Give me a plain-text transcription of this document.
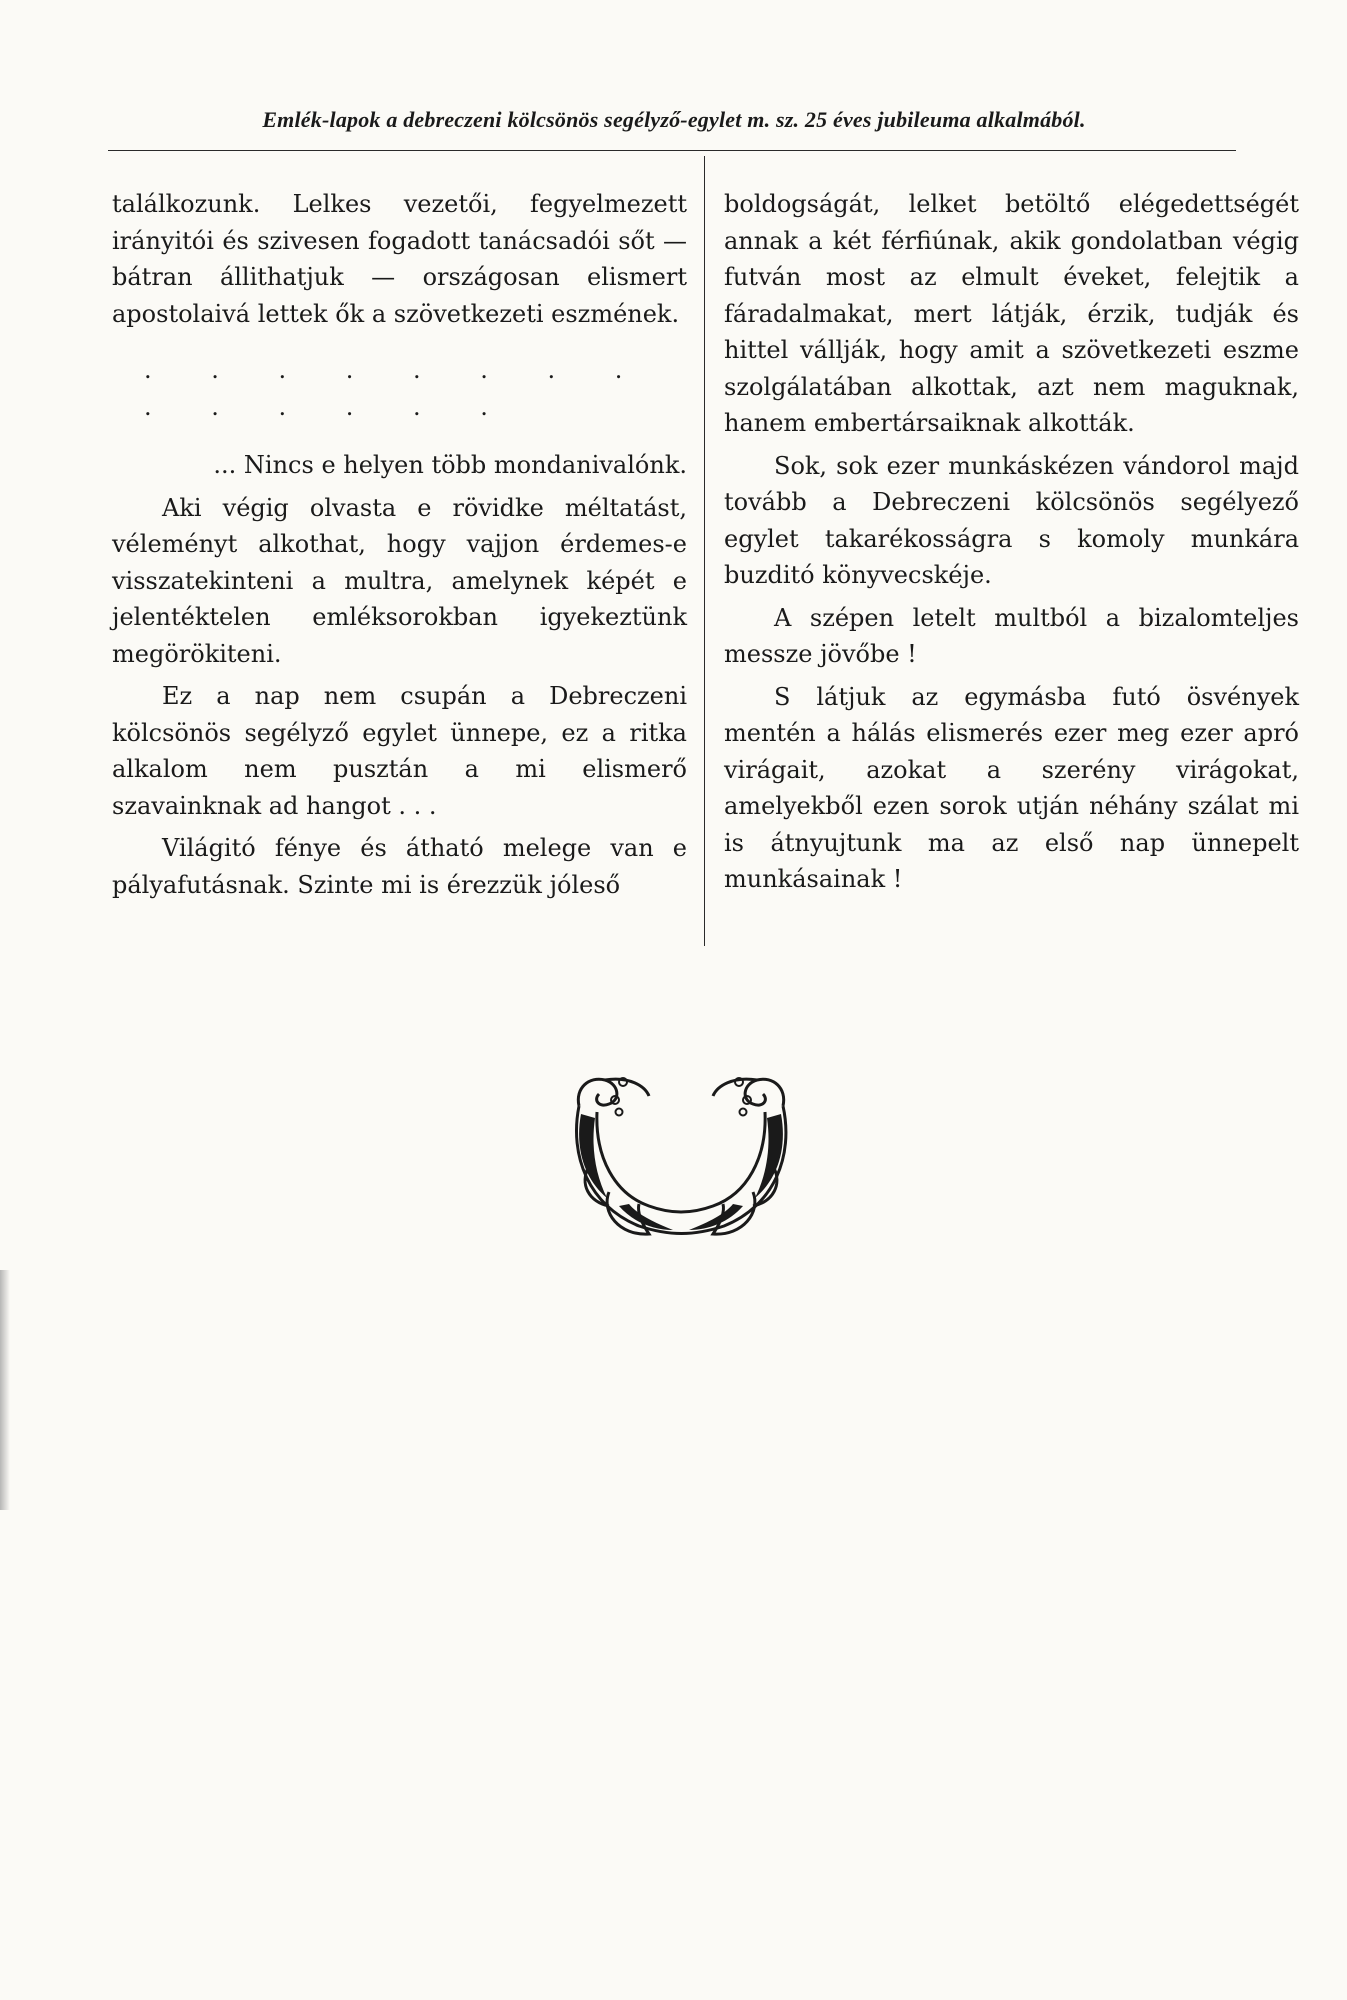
Emlék-lapok a debreczeni kölcsönös segélyző-egylet m. sz. 25 éves jubileuma alkalmából.

találkozunk. Lelkes vezetői, fegyelmezett irányitói és szivesen fogadott tanácsadói sőt — bátran állithatjuk — országosan elismert apostolaivá lettek ők a szövetkezeti eszmének.

. . . . . . . . . . . . . .

... Nincs e helyen több mondanivalónk.

Aki végig olvasta e rövidke méltatást, véleményt alkothat, hogy vajjon érdemes-e visszatekinteni a multra, amelynek képét e jelentéktelen emléksorokban igyekeztünk megörökiteni.

Ez a nap nem csupán a Debreczeni kölcsönös segélyző egylet ünnepe, ez a ritka alkalom nem pusztán a mi elismerő szavainknak ad hangot . . .

Világitó fénye és átható melege van e pályafutásnak. Szinte mi is érezzük jóleső

boldogságát, lelket betöltő elégedettségét annak a két férfiúnak, akik gondolatban végig futván most az elmult éveket, felejtik a fáradalmakat, mert látják, érzik, tudják és hittel vállják, hogy amit a szövetkezeti eszme szolgálatában alkottak, azt nem maguknak, hanem embertársaiknak alkották.

Sok, sok ezer munkáskézen vándorol majd tovább a Debreczeni kölcsönös segélyező egylet takarékosságra s komoly munkára buzditó könyvecskéje.

A szépen letelt multból a bizalomteljes messze jövőbe !

S látjuk az egymásba futó ösvények mentén a hálás elismerés ezer meg ezer apró virágait, azokat a szerény virágokat, amelyekből ezen sorok utján néhány szálat mi is átnyujtunk ma az első nap ünnepelt munkásainak !
